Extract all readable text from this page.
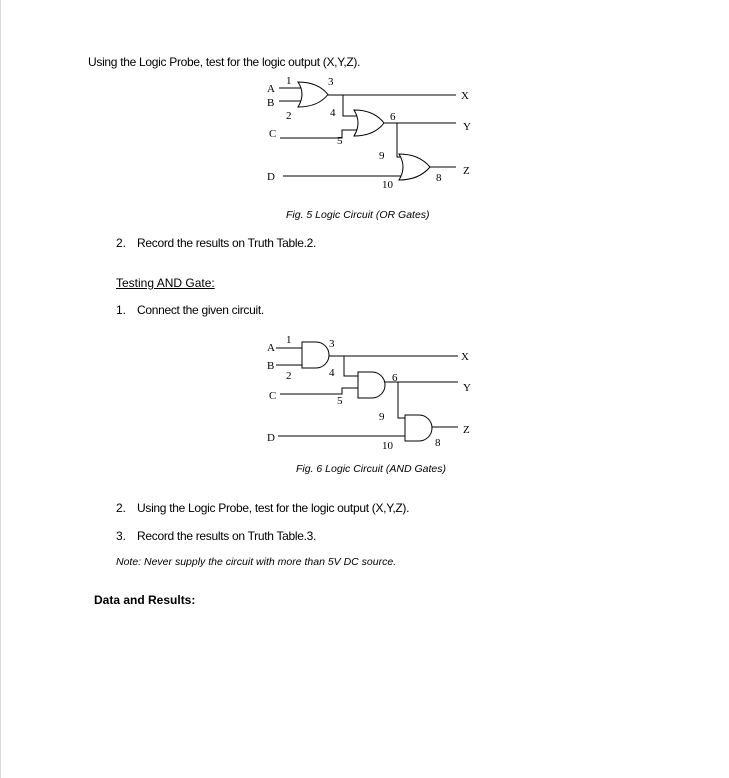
Using the Logic Probe, test for the logic output (X,Y,Z).
A
B
C
D
X
Y
Z
1
2
3
4
5
6
9
10
8
Fig. 5 Logic Circuit (OR Gates)
2. Record the results on Truth Table.2.
Testing AND Gate:
1. Connect the given circuit.
A
B
C
D
X
Y
Z
1
2
3
4
5
6
9
10	8
Fig. 6 Logic Circuit (AND Gates)
2. Using the Logic Probe, test for the logic output (X,Y,Z).
3. Record the results on Truth Table.3.
Note: Never supply the circuit with more than 5V DC source.
Data and Results:
